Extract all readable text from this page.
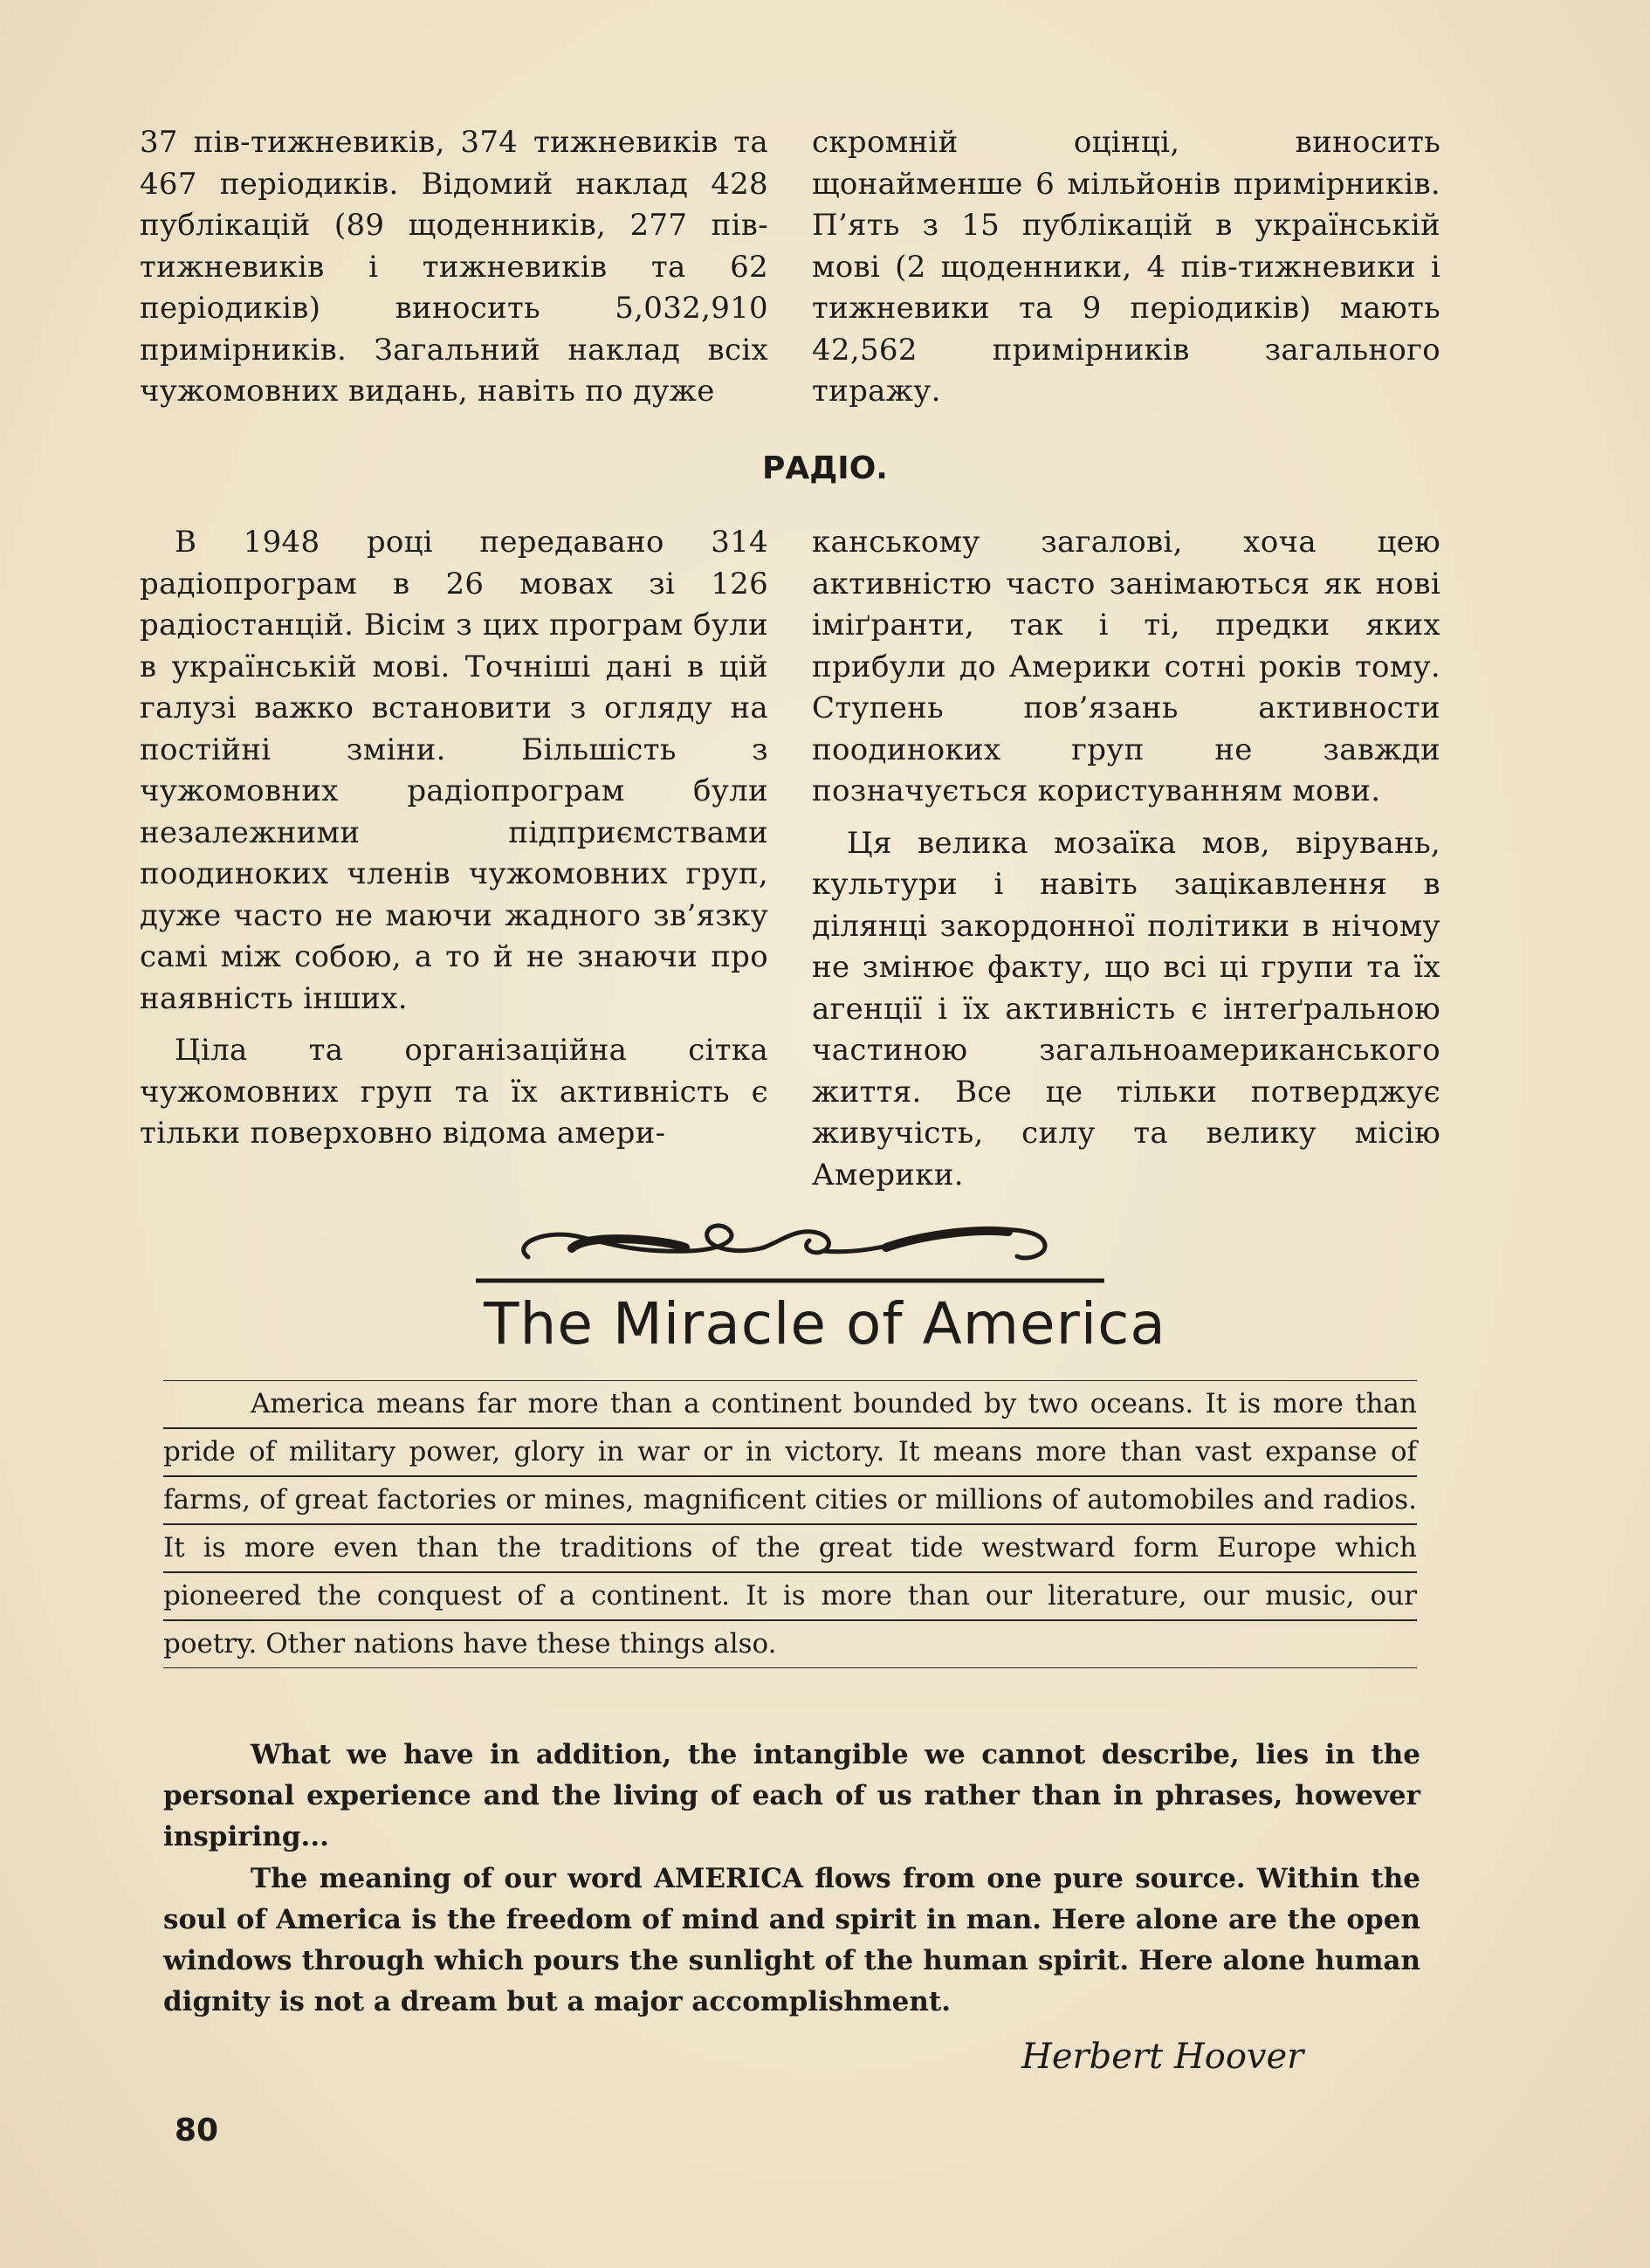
37 пів-тижневиків, 374 тижневиків та 467 періодиків. Відомий наклад 428 публікацій (89 щоденників, 277 пів-тижневиків і тижневиків та 62 періодиків) виносить 5,032,910 примірників. Загальний наклад всіх чужомовних видань, навіть по дуже

скромній оцінці, виносить щонайменше 6 мільйонів примірників. П’ять з 15 публікацій в українській мові (2 щоденники, 4 пів-тижневики і тижневики та 9 періодиків) мають 42,562 примірників загального тиражу.

РАДІО.

В 1948 році передавано 314 радіопрограм в 26 мовах зі 126 радіостанцій. Вісім з цих програм були в українській мові. Точніші дані в цій галузі важко встановити з огляду на постійні зміни. Більшість з чужомовних радіопрограм були незалежними підприємствами поодиноких членів чужомовних груп, дуже часто не маючи жадного зв’язку самі між собою, а то й не знаючи про наявність інших.

Ціла та організаційна сітка чужомовних груп та їх активність є тільки поверховно відома амери-

канському загалові, хоча цею активністю часто занімаються як нові іміґранти, так і ті, предки яких прибули до Америки сотні років тому. Ступень пов’язань активности поодиноких груп не завжди позначується користуванням мови.

Ця велика мозаїка мов, вірувань, культури і навіть зацікавлення в ділянці закордонної політики в нічому не змінює факту, що всі ці групи та їх агенції і їх активність є інтеґральною частиною загальноамериканського життя. Все це тільки потверджує живучість, силу та велику місію Америки.

The Miracle of America

America means far more than a continent bounded by two oceans. It is more than pride of military power, glory in war or in victory. It means more than vast expanse of farms, of great factories or mines, magnificent cities or millions of automobiles and radios. It is more even than the traditions of the great tide westward form Europe which pioneered the conquest of a continent. It is more than our literature, our music, our poetry. Other nations have these things also.

What we have in addition, the intangible we cannot describe, lies in the personal experience and the living of each of us rather than in phrases, however inspiring...

The meaning of our word AMERICA flows from one pure source. Within the soul of America is the freedom of mind and spirit in man. Here alone are the open windows through which pours the sunlight of the human spirit. Here alone human dignity is not a dream but a major accomplishment.

Herbert Hoover
80
